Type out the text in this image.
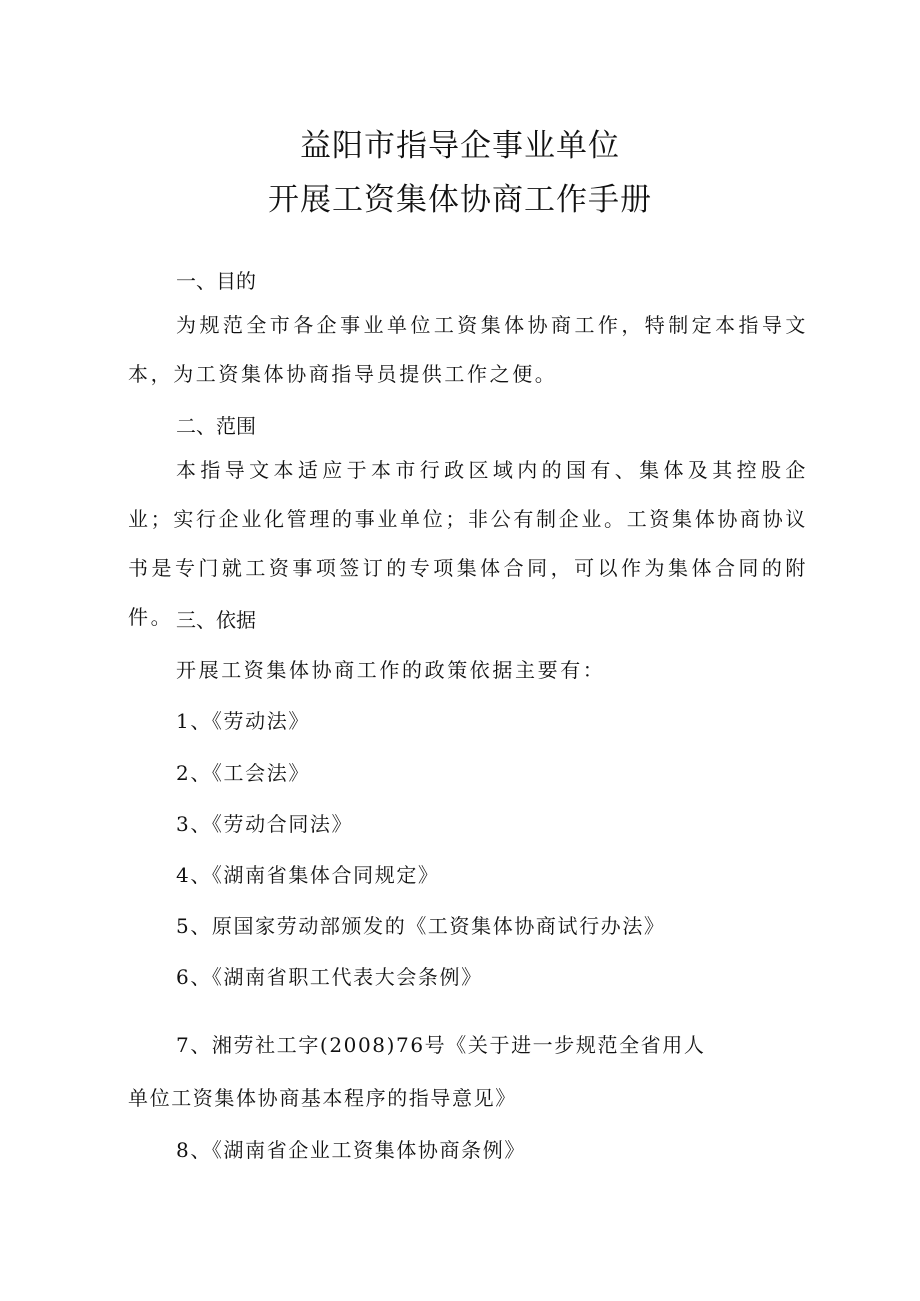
益阳市指导企事业单位
开展工资集体协商工作手册
一、目的
为规范全市各企事业单位工资集体协商工作，特制定本指导文本，为工资集体协商指导员提供工作之便。
二、范围
本指导文本适应于本市行政区域内的国有、集体及其控股企业；实行企业化管理的事业单位；非公有制企业。工资集体协商协议书是专门就工资事项签订的专项集体合同，可以作为集体合同的附件。 三、依据
开展工资集体协商工作的政策依据主要有：
1、《劳动法》
2、《工会法》
3、《劳动合同法》
4、《湖南省集体合同规定》
5、原国家劳动部颁发的《工资集体协商试行办法》
6、《湖南省职工代表大会条例》
7、湘劳社工字(2008)76号《关于进一步规范全省用人
单位工资集体协商基本程序的指导意见》
8、《湖南省企业工资集体协商条例》
